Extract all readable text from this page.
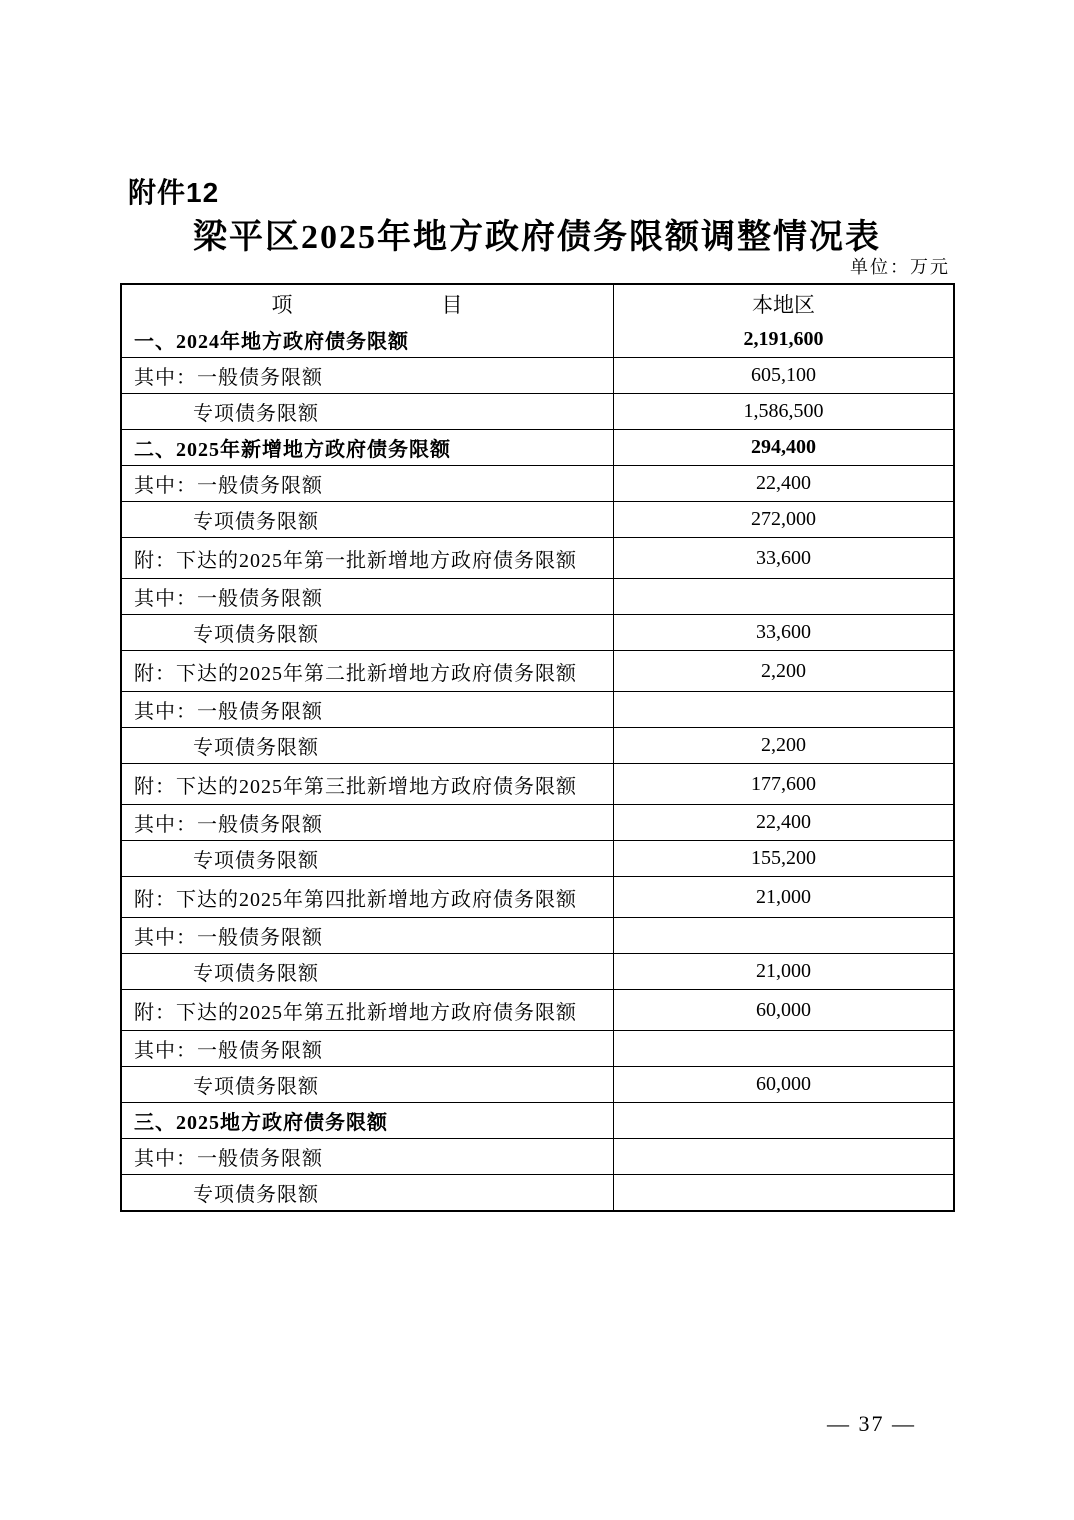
附件12
梁平区2025年地方政府债务限额调整情况表
单位：万元
项	目	本地区
一、2024年地方政府债务限额	2,191,600
其中：一般债务限额	605,100
专项债务限额	1,586,500
二、2025年新增地方政府债务限额	294,400
其中：一般债务限额	22,400
专项债务限额	272,000
附：下达的2025年第一批新增地方政府债务限额	33,600
其中：一般债务限额
专项债务限额	33,600
附：下达的2025年第二批新增地方政府债务限额	2,200
其中：一般债务限额
专项债务限额	2,200
附：下达的2025年第三批新增地方政府债务限额	177,600
其中：一般债务限额	22,400
专项债务限额	155,200
附：下达的2025年第四批新增地方政府债务限额	21,000
其中：一般债务限额
专项债务限额	21,000
附：下达的2025年第五批新增地方政府债务限额	60,000
其中：一般债务限额
专项债务限额	60,000
三、2025地方政府债务限额
其中：一般债务限额
专项债务限额
— 37 —
